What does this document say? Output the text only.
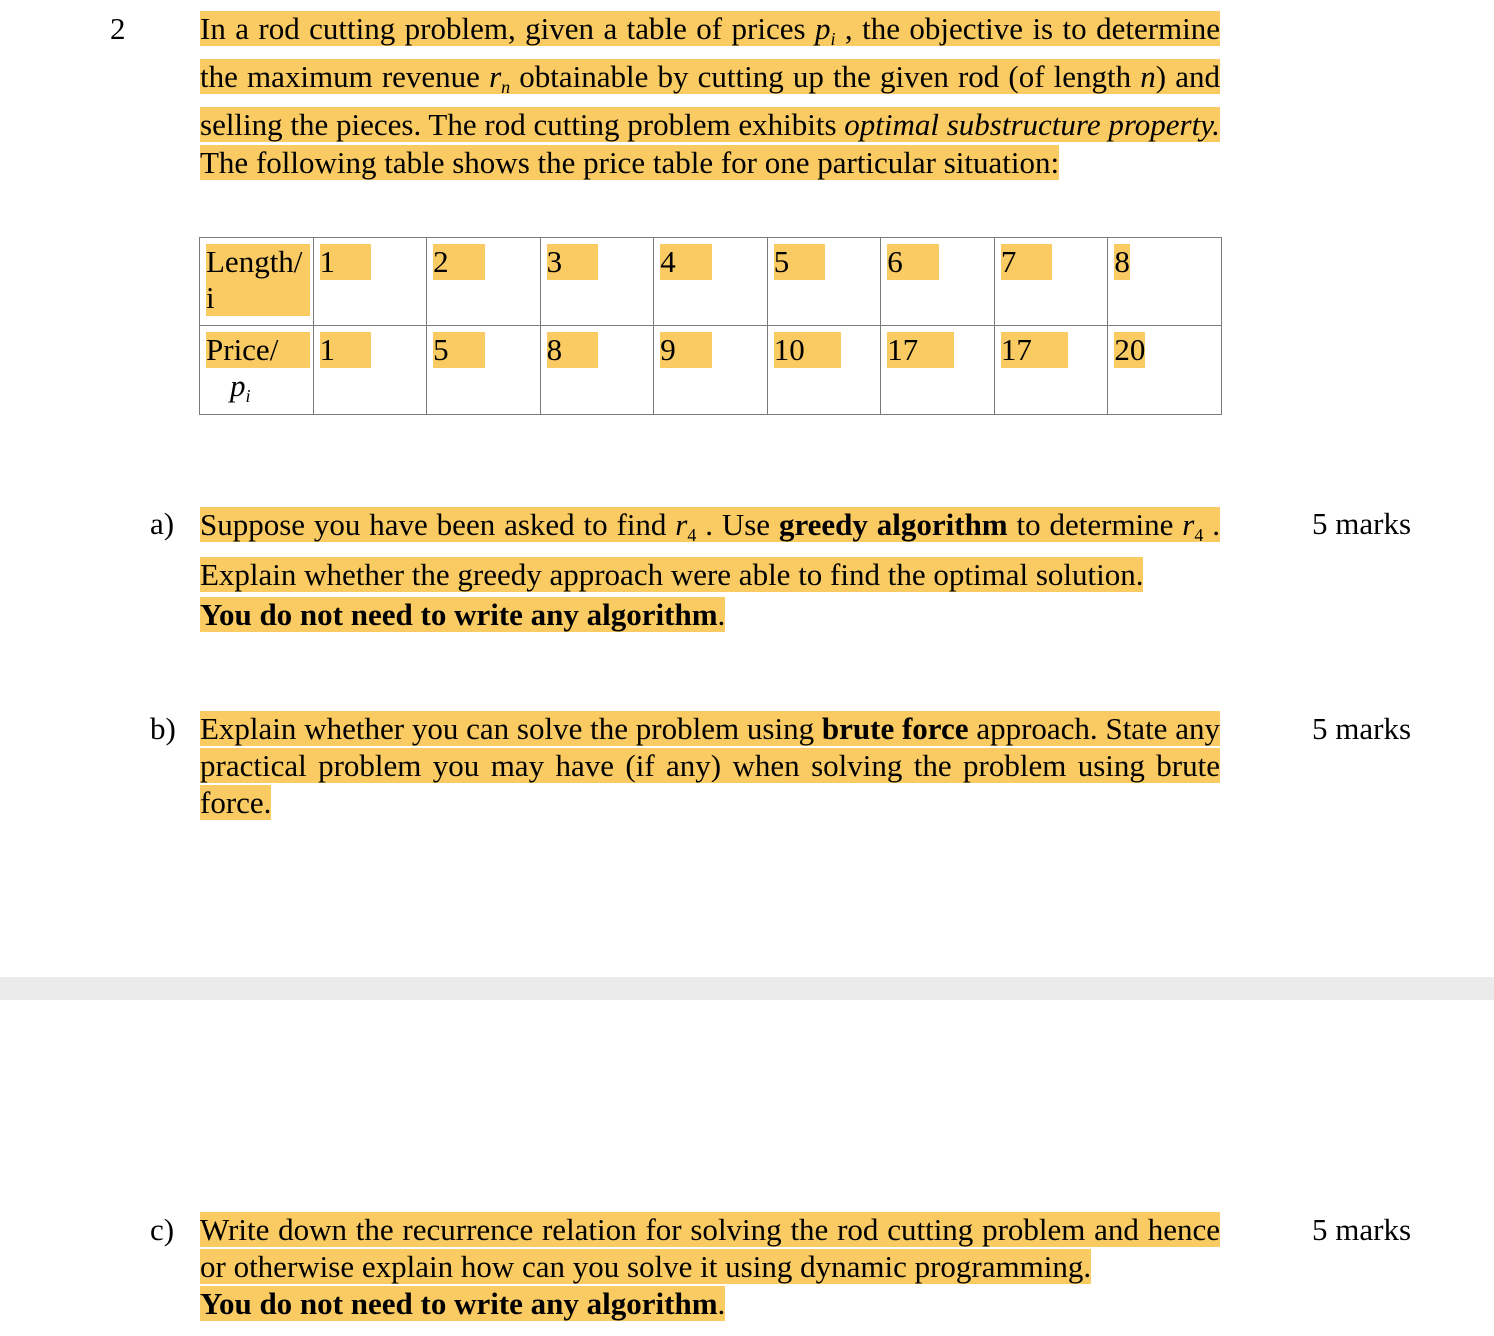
2 In a rod cutting problem, given a table of prices $p_i$ , the objective is to determine the maximum revenue $r_n$ obtainable by cutting up the given rod (of length n) and selling the pieces. The rod cutting problem exhibits optimal substructure property. The following table shows the price table for one particular situation:
Length/
i	1	2	3	4	5	6	7	8
Price/
$p_i$	1	5	8	9	10	17	17	20
a) Suppose you have been asked to find r4 . Use greedy algorithm to determine r4 . Explain whether the greedy approach were able to find the optimal solution.
You do not need to write any algorithm.
5 marks
b) Explain whether you can solve the problem using brute force approach. State any practical problem you may have (if any) when solving the problem using brute force.
5 marks
c) Write down the recurrence relation for solving the rod cutting problem and hence or otherwise explain how can you solve it using dynamic programming.
You do not need to write any algorithm.
5 marks
